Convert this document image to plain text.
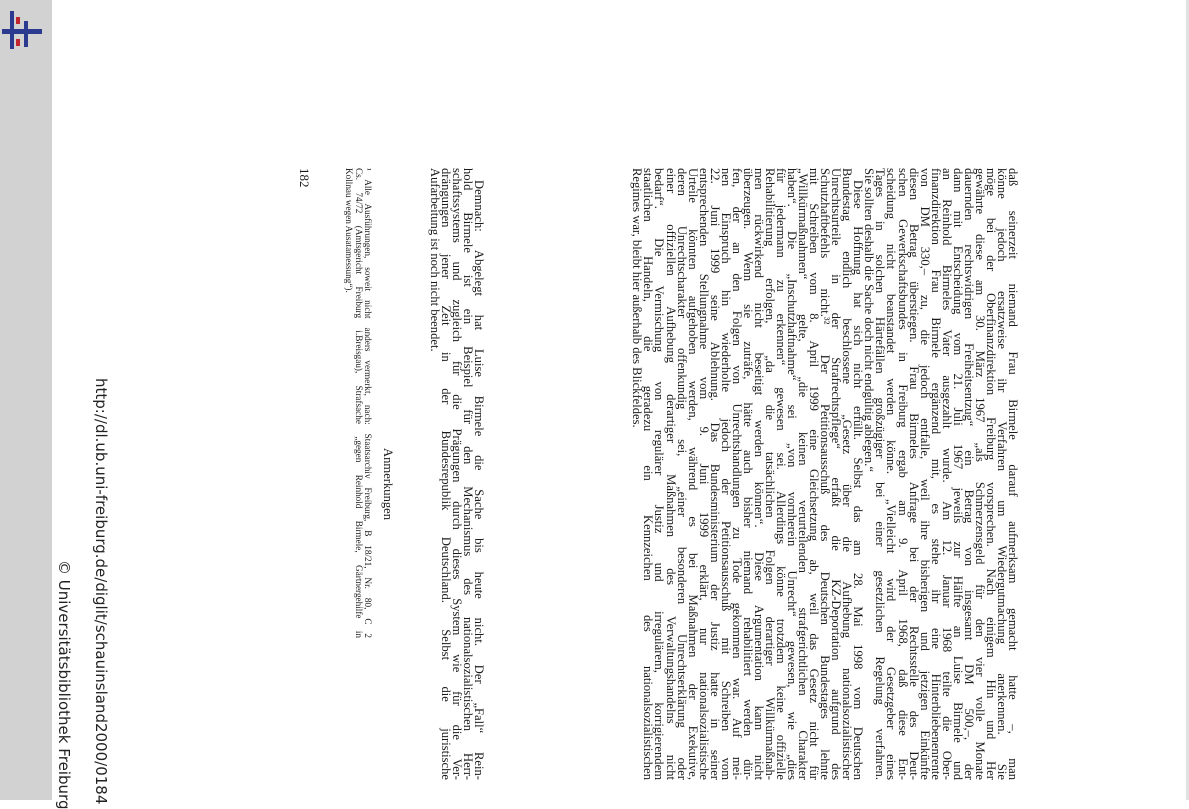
daß seinerzeit niemand Frau Birmele darauf aufmerksam gemacht hatte –, man
könne jedoch ersatzweise ihr Verfahren um Wiedergutmachung anerkennen. Sie
möge bei der Oberfinanzdirektion Freiburg vorsprechen. Nach einigem Hin und Her
gewährte diese am 30. März 1967 „als Schmerzensgeld für den vier volle Monate
dauernden rechtswidrigen Freiheitsentzug“ ein Betrag von insgesamt DM 500,–, der
dann mit Entscheidung vom 21. Juli 1967 jeweils zur Hälfte an Luise Birmele und
an Reinhold Birmeles Vater ausgezahlt wurde. Am 12. Januar 1968 teilte die Ober-
finanzdirektion Frau Birmele ergänzend mit, es stehe ihr eine Hinterbliebenenrente
von DM 330,– zu, die jedoch entfalle, weil ihre bisherigen und jetzigen Einkünfte
diesen Betrag überstiegen. Frau Birmeles Anfrage bei der Rechtsstelle des Deut-
schen Gewerkschaftsbundes in Freiburg ergab am 9. April 1968, daß diese Ent-
scheidung nicht beanstandet werden könne. „Vielleicht wird der Gesetzgeber eines
Tages in solchen Härtefällen großzügiger bei einer gesetzlichen Regelung verfahren.
Sie sollten deshalb die Sache doch nicht endgültig ablegen.“
Diese Hoffnung hat sich nicht erfüllt. Selbst das am 28. Mai 1998 vom Deutschen
Bundestag endlich beschlossene „Gesetz über die Aufhebung nationalsozialistischer
Unrechtsurteile in der Strafrechtspflege“ erfaßt die KZ-Deportation aufgrund des
Schutzhaftbefehls nicht.³² Der Petitionsausschuß des Deutschen Bundestages lehnte
mit Schreiben vom 8. April 1999 eine Gleichsetzung ab, weil das Gesetz nicht für
„Willkürmaßnahmen“ gelte, „die keinen verurteilenden strafgerichtlichen Charakter
haben“. Die „Inschutzhaftnahme“ sei „von vornherein Unrecht“ gewesen, wie „dies
für jedermann zu erkennen“ gewesen sei. Allerdings könne trotzdem keine offizielle
Rehabilitierung erfolgen, „da die tatsächlichen Folgen derartiger Willkürmaßnah-
men rückwirkend nicht beseitigt werden können“. Diese Argumentation kann nicht
überzeugen. Wenn sie zuträfe, hätte auch bisher niemand rehabilitiert werden dür-
fen, der an den Folgen von Unrechtshandlungen zu Tode gekommen war. Auf mei-
nen Einspruch hin wiederholte jedoch der Petitionsausschuß mit Schreiben vom
22. Juni 1999 seine Ablehnung. Das Bundesministerium der Justiz hatte in seiner
entsprechenden Stellungnahme vom 9. Juni 1999 erklärt, nur nationalsozialistische
Urteile könnten aufgehoben werden, während es bei Maßnahmen der Exekutive,
deren Unrechtscharakter offenkundig sei, „einer besonderen Unrechtserklärung oder
einer offiziellen Aufhebung derartiger Maßnahmen des Verwaltungshandelns nicht
bedarf“. Die Vermischung von regulärer Justiz und irregulärem, korrigierendem
staatlichen Handeln, die geradezu ein Kennzeichen des nationalsozialistischen
Regimes war, bleibt hier außerhalb des Blickfeldes.
Anmerkungen	Demnach: Abgelegt hat Luise Birmele die Sache bis heute nicht. Der „Fall“ Rein-
hold Birmele ist ein Beispiel für den Mechanismus des nationalsozialistischen Herr-
schaftssystems und zugleich für die Prägungen durch dieses System wie für die Ver-
drängungen jener Zeit in der Bundesrepublik Deutschland. Selbst die juristische
Aufarbeitung ist noch nicht beendet.
¹ Alle Ausführungen, soweit nicht anders vermerkt, nach: Staatsarchiv Freiburg, B 18/21, Nr. 80, C 2
Cs. 74/72 (Amtsgericht Freiburg i.Breisgau), Strafsache „gegen Reinhold Birmele, Gärtnergehilfe in
Kollnau wegen Ausatamessung“).
182
http://dl.ub.uni-freiburg.de/diglit/schauinsland2000/0184
© Universitätsbibliothek Freiburg
